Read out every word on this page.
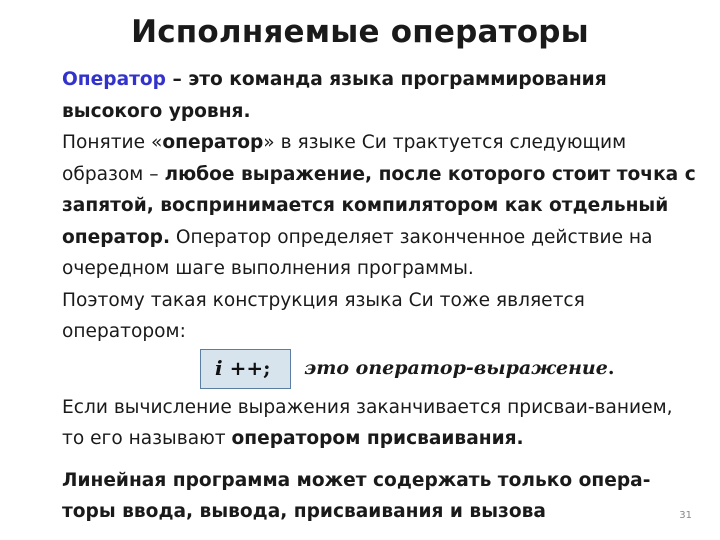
Исполняемые операторы

Оператор – это команда языка программирования высокого уровня.

Понятие «оператор» в языке Си трактуется следующим образом – любое выражение, после которого стоит точка с запятой, воспринимается компилятором как отдельный оператор. Оператор определяет законченное действие на очередном шаге выполнения программы.

Поэтому такая конструкция языка Си тоже является оператором:

i ++;	это оператор-выражение.

Если вычисление выражения заканчивается присваи-ванием, то его называют оператором присваивания.

Линейная программа может содержать только опера-торы ввода, вывода, присваивания и вызова	31
